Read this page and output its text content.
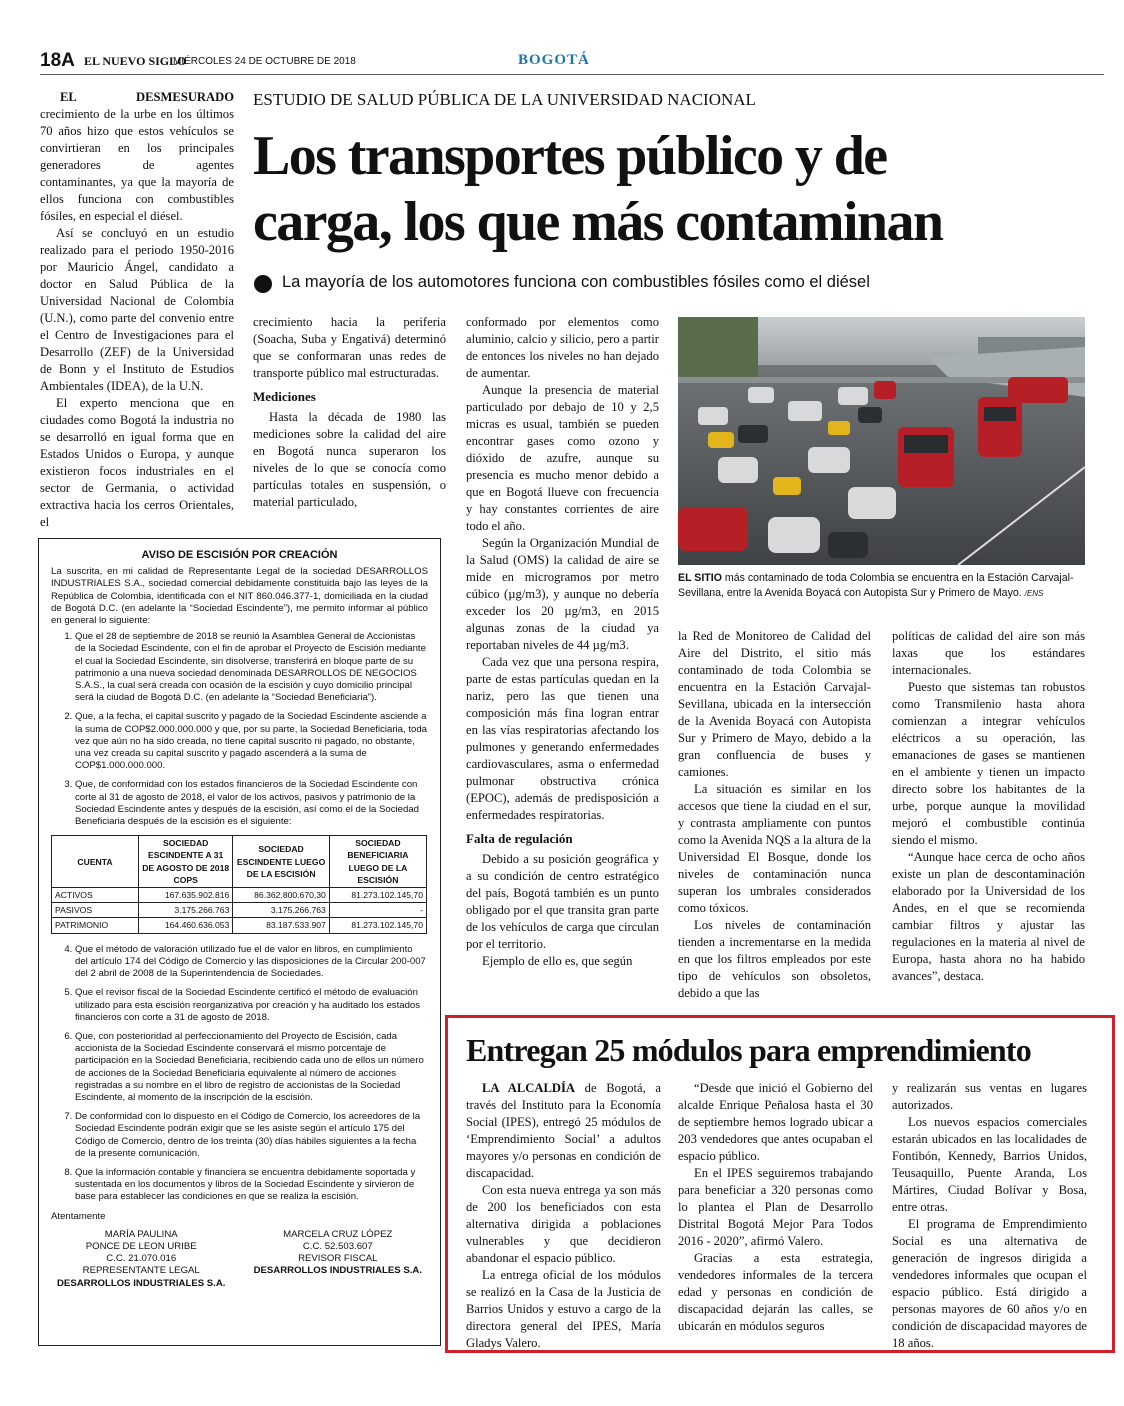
18A EL NUEVO SIGLO
MIÉRCOLES 24 DE OCTUBRE DE 2018	BOGOTÁ

EL DESMESURADO crecimiento de la urbe en los últimos 70 años hizo que estos vehículos se convirtieran en los principales generadores de agentes contaminantes, ya que la mayoría de ellos funciona con combustibles fósiles, en especial el diésel.

Así se concluyó en un estudio realizado para el periodo 1950-2016 por Mauricio Ángel, candidato a doctor en Salud Pública de la Universidad Nacional de Colombia (U.N.), como parte del convenio entre el Centro de Investigaciones para el Desarrollo (ZEF) de la Universidad de Bonn y el Instituto de Estudios Ambientales (IDEA), de la U.N.

El experto menciona que en ciudades como Bogotá la industria no se desarrolló en igual forma que en Estados Unidos o Europa, y aunque existieron focos industriales en el sector de Germania, o actividad extractiva hacia los cerros Orientales, el

ESTUDIO DE SALUD PÚBLICA DE LA UNIVERSIDAD NACIONAL
Los transportes público y de
carga, los que más contaminan
La mayoría de los automotores funciona con combustibles fósiles como el diésel

crecimiento hacia la periferia (Soacha, Suba y Engativá) determinó que se conformaran unas redes de transporte público mal estructuradas.

Mediciones

Hasta la década de 1980 las mediciones sobre la calidad del aire en Bogotá nunca superaron los niveles de lo que se conocía como partículas totales en suspensión, o material particulado,

conformado por elementos como aluminio, calcio y silicio, pero a partir de entonces los niveles no han dejado de aumentar.

Aunque la presencia de material particulado por debajo de 10 y 2,5 micras es usual, también se pueden encontrar gases como ozono y dióxido de azufre, aunque su presencia es mucho menor debido a que en Bogotá llueve con frecuencia y hay constantes corrientes de aire todo el año.

Según la Organización Mundial de la Salud (OMS) la calidad de aire se mide en microgramos por metro cúbico (µg/m3), y aunque no debería exceder los 20 µg/m3, en 2015 algunas zonas de la ciudad ya reportaban niveles de 44 µg/m3.

Cada vez que una persona respira, parte de estas partículas quedan en la nariz, pero las que tienen una composición más fina logran entrar en las vías respiratorias afectando los pulmones y generando enfermedades cardiovasculares, asma o enfermedad pulmonar obstructiva crónica (EPOC), además de predisposición a enfermedades respiratorias.

Falta de regulación

Debido a su posición geográfica y a su condición de centro estratégico del país, Bogotá también es un punto obligado por el que transita gran parte de los vehículos de carga que circulan por el territorio.

Ejemplo de ello es, que según

EL SITIO más contaminado de toda Colombia se encuentra en la Estación Carvajal-Sevillana, entre la Avenida Boyacá con Autopista Sur y Primero de Mayo. /ENS

la Red de Monitoreo de Calidad del Aire del Distrito, el sitio más contaminado de toda Colombia se encuentra en la Estación Carvajal-Sevillana, ubicada en la intersección de la Avenida Boyacá con Autopista Sur y Primero de Mayo, debido a la gran confluencia de buses y camiones.

La situación es similar en los accesos que tiene la ciudad en el sur, y contrasta ampliamente con puntos como la Avenida NQS a la altura de la Universidad El Bosque, donde los niveles de contaminación nunca superan los umbrales considerados como tóxicos.

Los niveles de contaminación tienden a incrementarse en la medida en que los filtros empleados por este tipo de vehículos son obsoletos, debido a que las

políticas de calidad del aire son más laxas que los estándares internacionales.

Puesto que sistemas tan robustos como Transmilenio hasta ahora comienzan a integrar vehículos eléctricos a su operación, las emanaciones de gases se mantienen en el ambiente y tienen un impacto directo sobre los habitantes de la urbe, porque aunque la movilidad mejoró el combustible continúa siendo el mismo.

“Aunque hace cerca de ocho años existe un plan de descontaminación elaborado por la Universidad de los Andes, en el que se recomienda cambiar filtros y ajustar las regulaciones en la materia al nivel de Europa, hasta ahora no ha habido avances”, destaca.

AVISO DE ESCISIÓN POR CREACIÓN

La suscrita, en mi calidad de Representante Legal de la sociedad DESARROLLOS INDUSTRIALES S.A., sociedad comercial debidamente constituida bajo las leyes de la República de Colombia, identificada con el NIT 860.046.377-1, domiciliada en la ciudad de Bogotá D.C. (en adelante la “Sociedad Escindente”), me permito informar al público en general lo siguiente:

1. Que el 28 de septiembre de 2018 se reunió la Asamblea General de Accionistas de la Sociedad Escindente, con el fin de aprobar el Proyecto de Escisión mediante el cual la Sociedad Escindente, sin disolverse, transferirá en bloque parte de su patrimonio a una nueva sociedad denominada DESARROLLOS DE NEGOCIOS S.A.S., la cual será creada con ocasión de la escisión y cuyo domicilio principal será la ciudad de Bogotá D.C. (en adelante la “Sociedad Beneficiaria”).
2. Que, a la fecha, el capital suscrito y pagado de la Sociedad Escindente asciende a la suma de COP$2.000.000.000 y que, por su parte, la Sociedad Beneficiaria, toda vez que aún no ha sido creada, no tiene capital suscrito ni pagado, no obstante, una vez creada su capital suscrito y pagado ascenderá a la suma de COP$1.000.000.000.
3. Que, de conformidad con los estados financieros de la Sociedad Escindente con corte al 31 de agosto de 2018, el valor de los activos, pasivos y patrimonio de la Sociedad Escindente antes y después de la escisión, así como el de la Sociedad Beneficiaria después de la escisión es el siguiente:
CUENTA	SOCIEDAD ESCINDENTE A 31 DE AGOSTO DE 2018 COPS	SOCIEDAD ESCINDENTE LUEGO DE LA ESCISIÓN	SOCIEDAD BENEFICIARIA LUEGO DE LA ESCISIÓN
ACTIVOS	167.635.902.816	86.362.800.670,30	81.273.102.145,70
PASIVOS	3.175.266.763	3.175.266.763	-
PATRIMONIO	164.460.636.053	83.187.533.907	81.273.102.145,70
4. Que el método de valoración utilizado fue el de valor en libros, en cumplimiento del artículo 174 del Código de Comercio y las disposiciones de la Circular 200-007 del 2 abril de 2008 de la Superintendencia de Sociedades.
5. Que el revisor fiscal de la Sociedad Escindente certificó el método de evaluación utilizado para esta escisión reorganizativa por creación y ha auditado los estados financieros con corte a 31 de agosto de 2018.
6. Que, con posterioridad al perfeccionamiento del Proyecto de Escisión, cada accionista de la Sociedad Escindente conservará el mismo porcentaje de participación en la Sociedad Beneficiaria, recibiendo cada uno de ellos un número de acciones de la Sociedad Beneficiaria equivalente al número de acciones registradas a su nombre en el libro de registro de accionistas de la Sociedad Escindente, al momento de la inscripción de la escisión.
7. De conformidad con lo dispuesto en el Código de Comercio, los acreedores de la Sociedad Escindente podrán exigir que se les asiste según el artículo 175 del Código de Comercio, dentro de los treinta (30) días hábiles siguientes a la fecha de la presente comunicación.
8. Que la información contable y financiera se encuentra debidamente soportada y sustentada en los documentos y libros de la Sociedad Escindente y sirvieron de base para establecer las condiciones en que se realiza la escisión.
Atentamente
MARÍA PAULINA
PONCE DE LEON URIBE
C.C. 21.070.016
REPRESENTANTE LEGAL
DESARROLLOS INDUSTRIALES S.A.
MARCELA CRUZ LÓPEZ
C.C. 52.503.607
REVISOR FISCAL
DESARROLLOS INDUSTRIALES S.A.
Entregan 25 módulos para emprendimiento

LA ALCALDÍA de Bogotá, a través del Instituto para la Economía Social (IPES), entregó 25 módulos de ‘Emprendimiento Social’ a adultos mayores y/o personas en condición de discapacidad.

Con esta nueva entrega ya son más de 200 los beneficiados con esta alternativa dirigida a poblaciones vulnerables y que decidieron abandonar el espacio público.

La entrega oficial de los módulos se realizó en la Casa de la Justicia de Barrios Unidos y estuvo a cargo de la directora general del IPES, María Gladys Valero.

“Desde que inició el Gobierno del alcalde Enrique Peñalosa hasta el 30 de septiembre hemos logrado ubicar a 203 vendedores que antes ocupaban el espacio público.

En el IPES seguiremos trabajando para beneficiar a 320 personas como lo plantea el Plan de Desarrollo Distrital Bogotá Mejor Para Todos 2016 - 2020”, afirmó Valero.

Gracias a esta estrategia, vendedores informales de la tercera edad y personas en condición de discapacidad dejarán las calles, se ubicarán en módulos seguros

y realizarán sus ventas en lugares autorizados.

Los nuevos espacios comerciales estarán ubicados en las localidades de Fontibón, Kennedy, Barrios Unidos, Teusaquillo, Puente Aranda, Los Mártires, Ciudad Bolívar y Bosa, entre otras.

El programa de Emprendimiento Social es una alternativa de generación de ingresos dirigida a vendedores informales que ocupan el espacio público. Está dirigido a personas mayores de 60 años y/o en condición de discapacidad mayores de 18 años.
